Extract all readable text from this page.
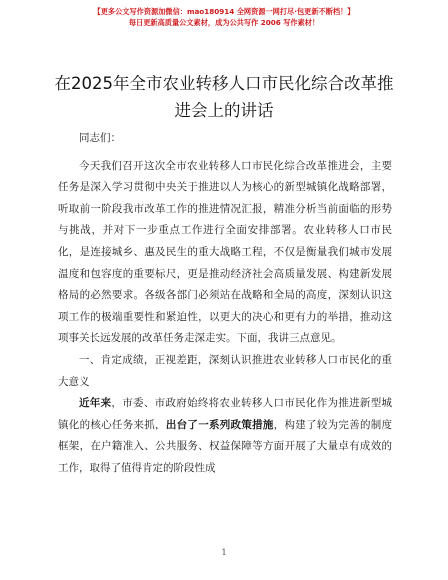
【更多公文写作资源加微信：mao180914 全网资源一网打尽·包更新不断档！】
每日更新高质量公文素材，成为公共写作 2006 写作素材！
在2025年全市农业转移人口市民化综合改革推进会上的讲话

同志们：

今天我们召开这次全市农业转移人口市民化综合改革推进会，主要任务是深入学习贯彻中央关于推进以人为核心的新型城镇化战略部署，听取前一阶段我市改革工作的推进情况汇报，精准分析当前面临的形势与挑战，并对下一步重点工作进行全面安排部署。农业转移人口市民化，是连接城乡、惠及民生的重大战略工程，不仅是衡量我们城市发展温度和包容度的重要标尺，更是推动经济社会高质量发展、构建新发展格局的必然要求。各级各部门必须站在战略和全局的高度，深刻认识这项工作的极端重要性和紧迫性，以更大的决心和更有力的举措，推动这项事关长远发展的改革任务走深走实。下面，我讲三点意见。

一、肯定成绩，正视差距，深刻认识推进农业转移人口市民化的重大意义

近年来，市委、市政府始终将农业转移人口市民化作为推进新型城镇化的核心任务来抓，出台了一系列政策措施，构建了较为完善的制度框架，在户籍准入、公共服务、权益保障等方面开展了大量卓有成效的工作，取得了值得肯定的阶段性成

1
